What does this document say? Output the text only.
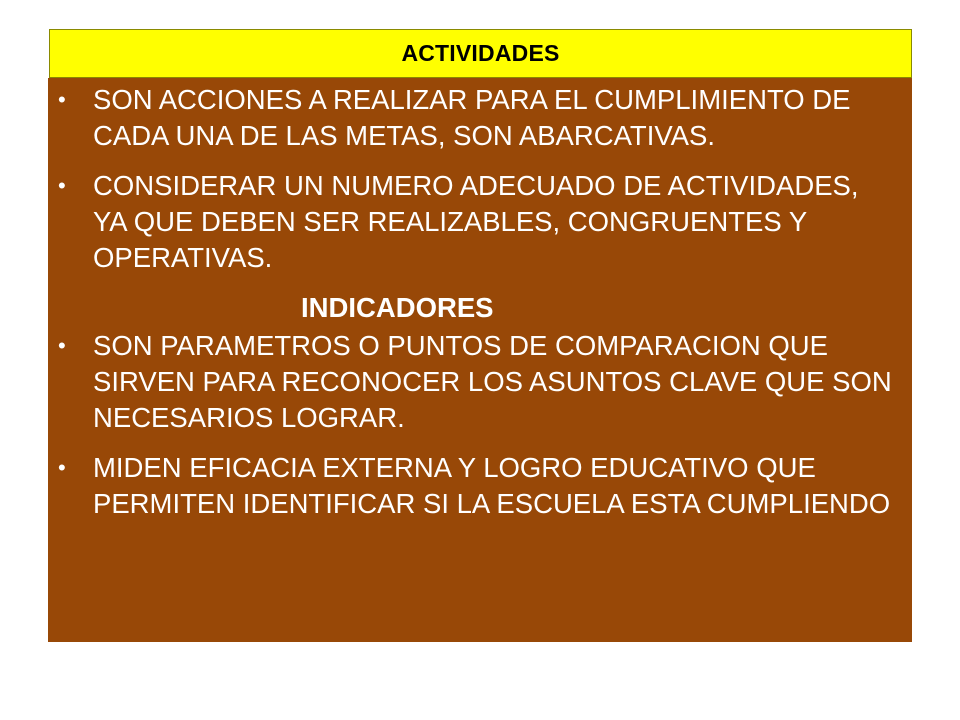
ACTIVIDADES
• SON ACCIONES A REALIZAR PARA EL CUMPLIMIENTO DE CADA UNA DE LAS METAS, SON ABARCATIVAS.
• CONSIDERAR UN NUMERO ADECUADO DE ACTIVIDADES, YA QUE DEBEN SER REALIZABLES, CONGRUENTES Y OPERATIVAS.
INDICADORES
• SON PARAMETROS O PUNTOS DE COMPARACION QUE SIRVEN PARA RECONOCER LOS ASUNTOS CLAVE QUE SON NECESARIOS LOGRAR.
• MIDEN EFICACIA EXTERNA Y LOGRO EDUCATIVO QUE PERMITEN IDENTIFICAR SI LA ESCUELA ESTA CUMPLIENDO
